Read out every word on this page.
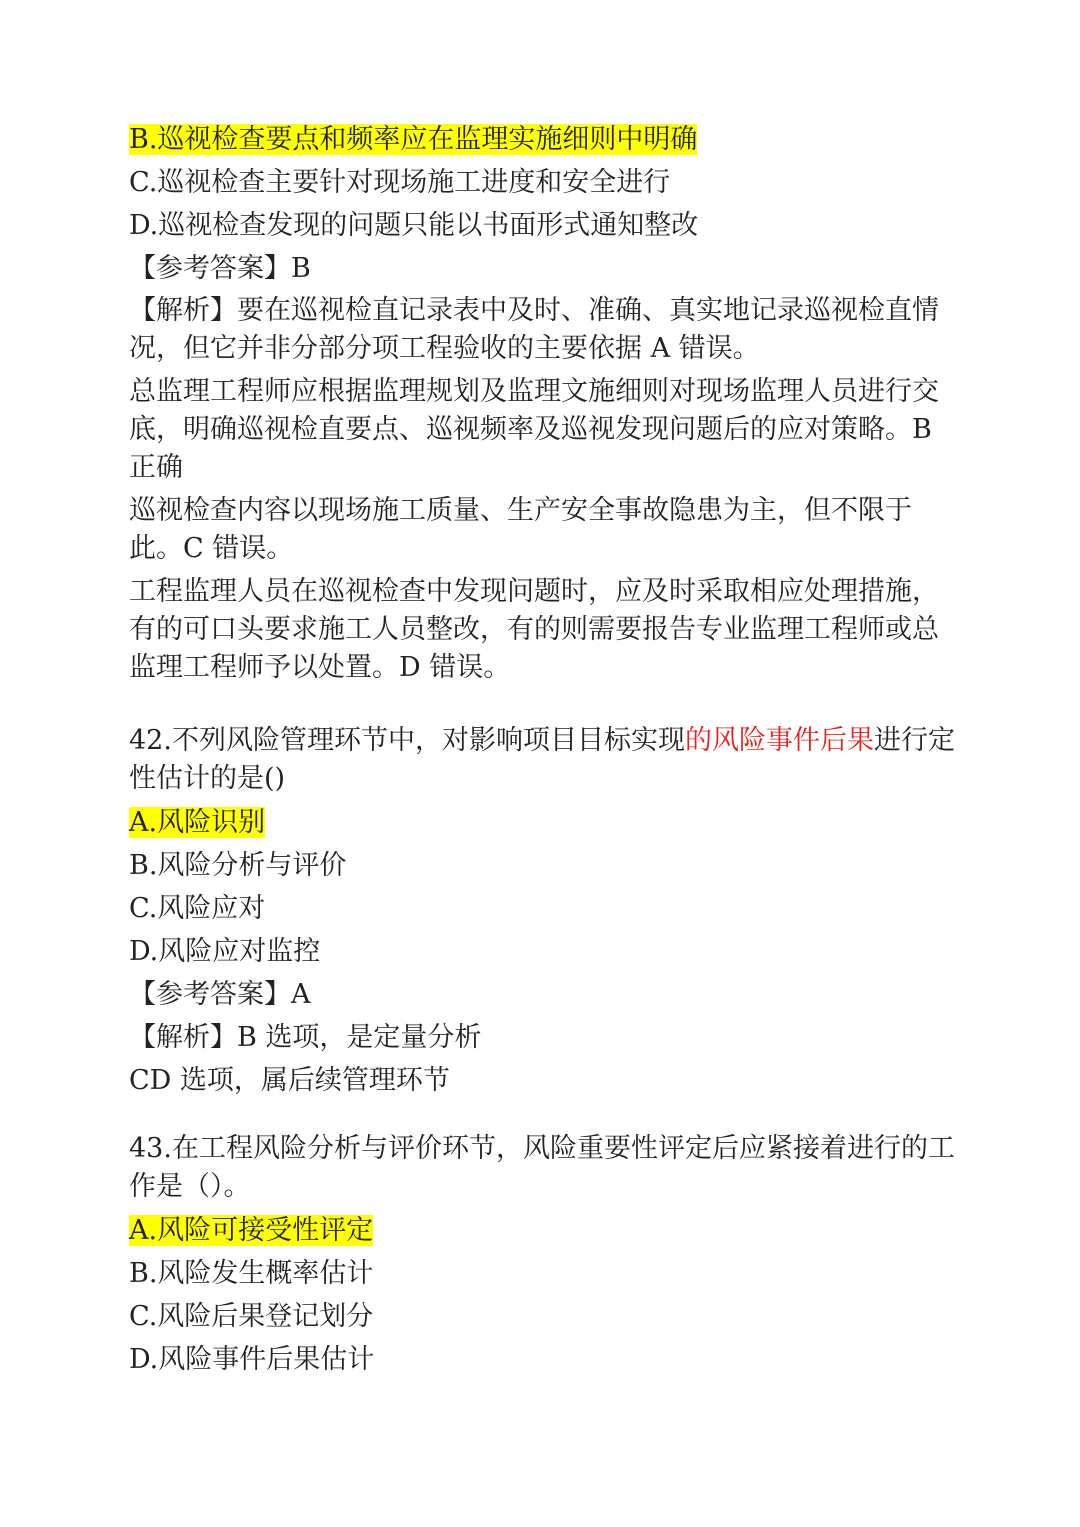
B.巡视检查要点和频率应在监理实施细则中明确

C.巡视检查主要针对现场施工进度和安全进行

D.巡视检查发现的问题只能以书面形式通知整改

【参考答案】B

【解析】要在巡视检直记录表中及时、准确、真实地记录巡视检直情况，但它并非分部分项工程验收的主要依据 A 错误。

总监理工程师应根据监理规划及监理文施细则对现场监理人员进行交底，明确巡视检直要点、巡视频率及巡视发现问题后的应对策略。B 正确

巡视检查内容以现场施工质量、生产安全事故隐患为主，但不限于此。C 错误。

工程监理人员在巡视检查中发现问题时，应及时采取相应处理措施，有的可口头要求施工人员整改，有的则需要报告专业监理工程师或总监理工程师予以处置。D 错误。

42.不列风险管理环节中，对影响项目目标实现的风险事件后果进行定性估计的是()

A.风险识别

B.风险分析与评价

C.风险应对

D.风险应对监控

【参考答案】A

【解析】B 选项，是定量分析

CD 选项，属后续管理环节

43.在工程风险分析与评价环节，风险重要性评定后应紧接着进行的工作是（）。

A.风险可接受性评定

B.风险发生概率估计

C.风险后果登记划分

D.风险事件后果估计
